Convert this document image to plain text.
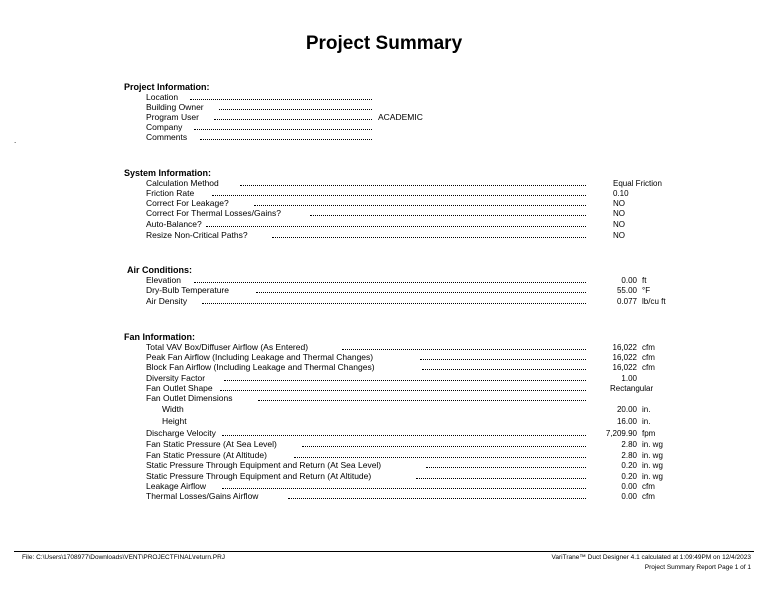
Project Summary
.
Project Information:
Location
Building Owner
Program User	ACADEMIC
Company
Comments
System Information:
Calculation Method	Equal Friction
Friction Rate	0.10
Correct For Leakage?	NO
Correct For Thermal Losses/Gains?	NO
Auto-Balance?	NO
Resize Non-Critical Paths?	NO
Air Conditions:
Elevation	0.00 ft
Dry-Bulb Temperature	55.00 °F
Air Density	0.077 lb/cu ft
Fan Information:
Total VAV Box/Diffuser Airflow (As Entered)	16,022 cfm
Peak Fan Airflow (Including Leakage and Thermal Changes)	16,022 cfm
Block Fan Airflow (Including Leakage and Thermal Changes)	16,022 cfm
Diversity Factor	1.00
Fan Outlet Shape	Rectangular
Fan Outlet Dimensions
Width	20.00 in.
Height	16.00 in.
Discharge Velocity	7,209.90 fpm
Fan Static Pressure (At Sea Level)	2.80 in. wg
Fan Static Pressure (At Altitude)	2.80 in. wg
Static Pressure Through Equipment and Return (At Sea Level)	0.20 in. wg
Static Pressure Through Equipment and Return (At Altitude)	0.20 in. wg
Leakage Airflow	0.00 cfm
Thermal Losses/Gains Airflow	0.00 cfm
File: C:\Users\1708977\Downloads\VENT\PROJECTFINAL\return.PRJ	VariTrane™ Duct Designer 4.1 calculated at 1:09:49PM on 12/4/2023
Project Summary Report Page 1 of 1
